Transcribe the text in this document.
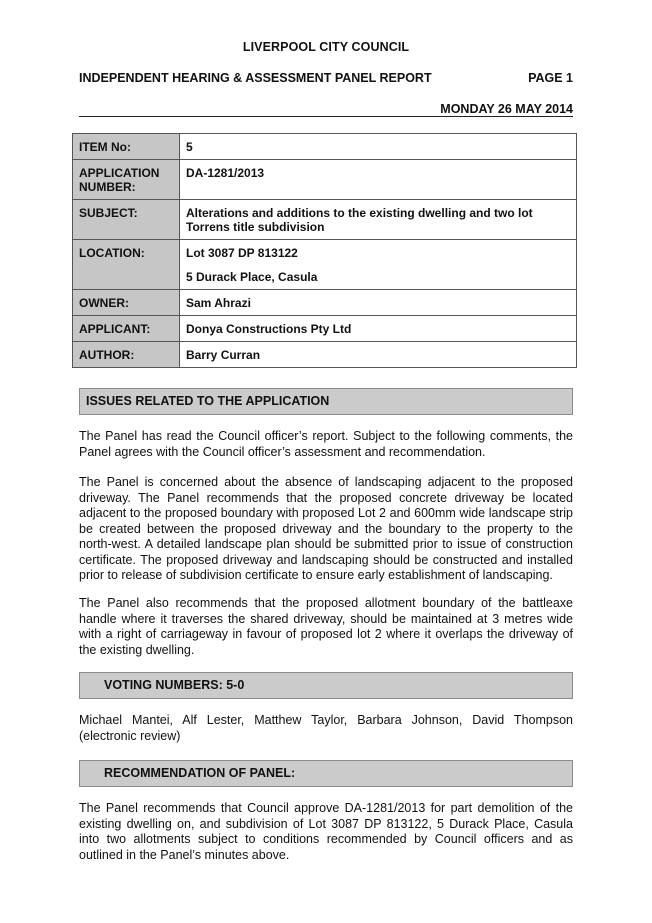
LIVERPOOL CITY COUNCIL
INDEPENDENT HEARING & ASSESSMENT PANEL REPORT	PAGE 1
MONDAY 26 MAY 2014
ITEM No:	5
APPLICATION NUMBER:	DA-1281/2013
SUBJECT:	Alterations and additions to the existing dwelling and two lot Torrens title subdivision
LOCATION:	Lot 3087 DP 813122
5 Durack Place, Casula

OWNER:	Sam Ahrazi
APPLICANT:	Donya Constructions Pty Ltd
AUTHOR:	Barry Curran
ISSUES RELATED TO THE APPLICATION

The Panel has read the Council officer’s report. Subject to the following comments, the Panel agrees with the Council officer’s assessment and recommendation.

The Panel is concerned about the absence of landscaping adjacent to the proposed driveway. The Panel recommends that the proposed concrete driveway be located adjacent to the proposed boundary with proposed Lot 2 and 600mm wide landscape strip be created between the proposed driveway and the boundary to the property to the north-west. A detailed landscape plan should be submitted prior to issue of construction certificate. The proposed driveway and landscaping should be constructed and installed prior to release of subdivision certificate to ensure early establishment of landscaping.

The Panel also recommends that the proposed allotment boundary of the battleaxe handle where it traverses the shared driveway, should be maintained at 3 metres wide with a right of carriageway in favour of proposed lot 2 where it overlaps the driveway of the existing dwelling.

VOTING NUMBERS: 5-0

Michael Mantei, Alf Lester, Matthew Taylor, Barbara Johnson, David Thompson (electronic review)

RECOMMENDATION OF PANEL:

The Panel recommends that Council approve DA-1281/2013 for part demolition of the existing dwelling on, and subdivision of Lot 3087 DP 813122, 5 Durack Place, Casula into two allotments subject to conditions recommended by Council officers and as outlined in the Panel’s minutes above.
